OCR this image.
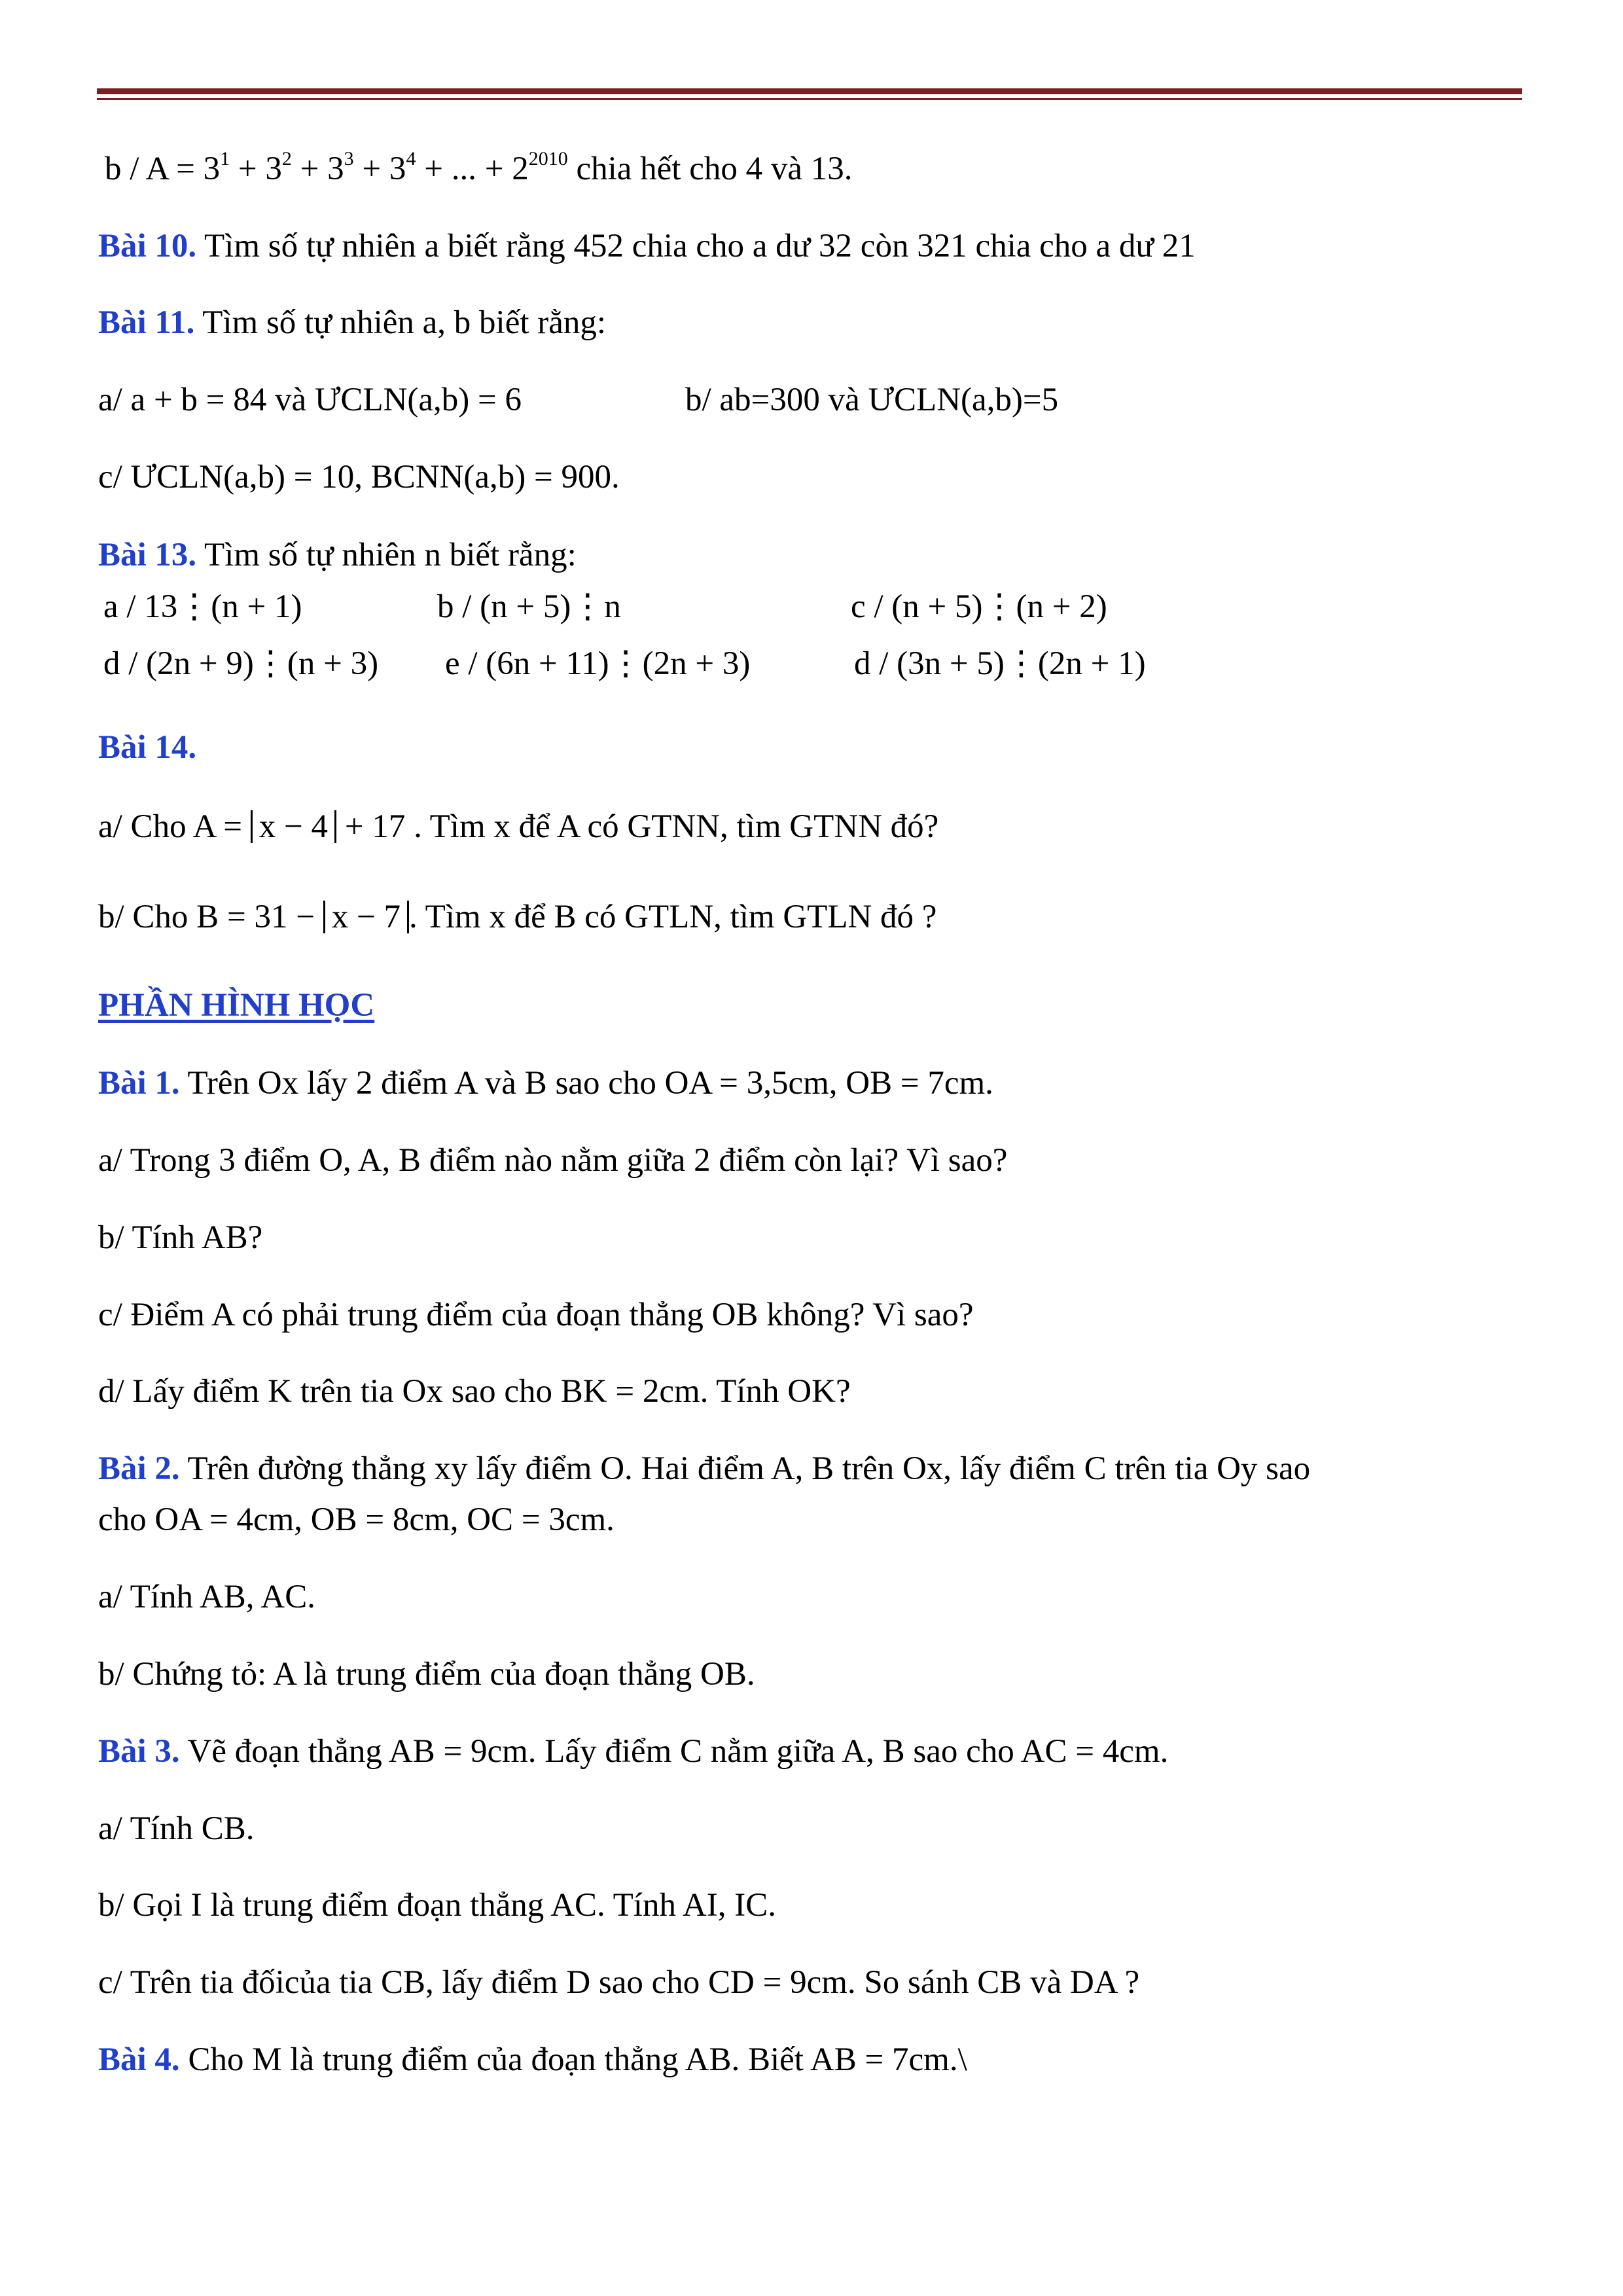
$b / A = 3^1 + 3^2 + 3^3 + 3^4$ + ... + $2^{2010}$ chia hết cho 4 và 13.
Bài 10. Tìm số tự nhiên a biết rằng 452 chia cho a dư 32 còn 321 chia cho a dư 21
Bài 11. Tìm số tự nhiên a, b biết rằng:
a/ a + b = 84 và ƯCLN(a,b) = 6	b/ ab=300 và ƯCLN(a,b)=5
c/ ƯCLN(a,b) = 10, BCNN(a,b) = 900.
Bài 13. Tìm số tự nhiên n biết rằng:
a / 13⋮(n + 1)	b / (n + 5)⋮n	c / (n + 5)⋮(n + 2)
d / (2n + 9)⋮(n + 3) e / (6n + 11)⋮(2n + 3)	d / (3n + 5)⋮(2n + 1)
Bài 14.
a/ Cho A = x − 4 + 17 . Tìm x để A có GTNN, tìm GTNN đó?
b/ Cho B = 31 − x − 7 . Tìm x để B có GTLN, tìm GTLN đó ?
PHẦN HÌNH HỌC
Bài 1. Trên Ox lấy 2 điểm A và B sao cho OA = 3,5cm, OB = 7cm.
a/ Trong 3 điểm O, A, B điểm nào nằm giữa 2 điểm còn lại? Vì sao?
b/ Tính AB?
c/ Điểm A có phải trung điểm của đoạn thẳng OB không? Vì sao?
d/ Lấy điểm K trên tia Ox sao cho BK = 2cm. Tính OK?
Bài 2. Trên đường thẳng xy lấy điểm O. Hai điểm A, B trên Ox, lấy điểm C trên tia Oy sao
cho OA = 4cm, OB = 8cm, OC = 3cm.
a/ Tính AB, AC.
b/ Chứng tỏ: A là trung điểm của đoạn thẳng OB.
Bài 3. Vẽ đoạn thẳng AB = 9cm. Lấy điểm C nằm giữa A, B sao cho AC = 4cm.
a/ Tính CB.
b/ Gọi I là trung điểm đoạn thẳng AC. Tính AI, IC.
c/ Trên tia đốicủa tia CB, lấy điểm D sao cho CD = 9cm. So sánh CB và DA ?
Bài 4. Cho M là trung điểm của đoạn thẳng AB. Biết AB = 7cm.\
